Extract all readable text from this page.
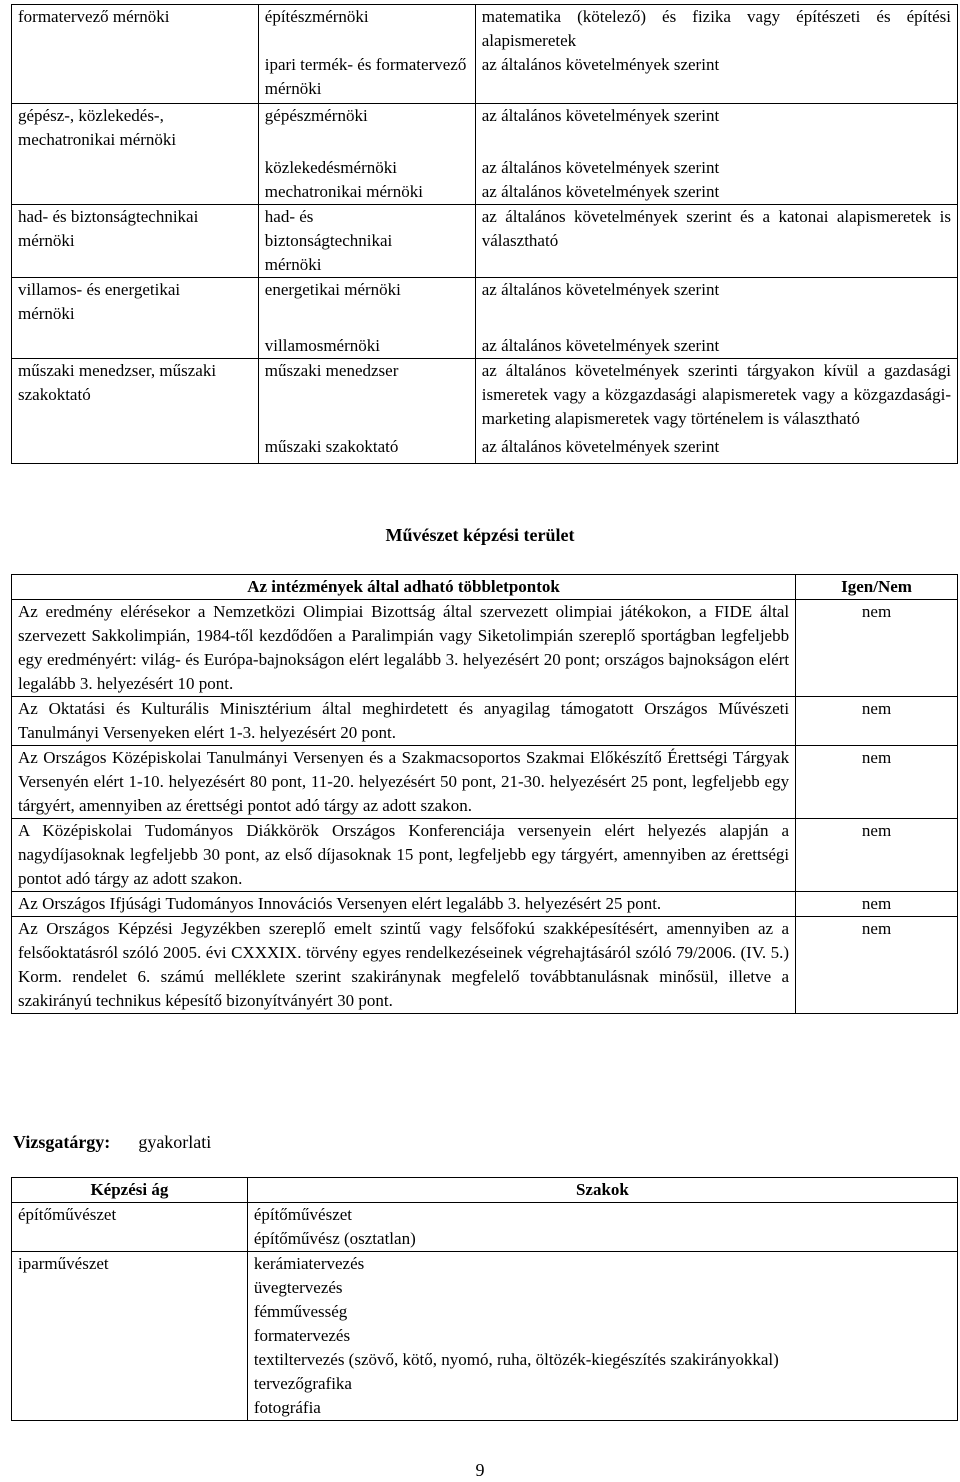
formatervező mérnöki	építészmérnöki	matematika (kötelező) és fizika vagy építészeti és építési alapismeretek
	ipari termék- és formatervező mérnöki	az általános követelmények szerint
gépész-, közlekedés-, mechatronikai mérnöki	gépészmérnöki	az általános követelmények szerint
	közlekedésmérnöki	az általános követelmények szerint
	mechatronikai mérnöki	az általános követelmények szerint
had- és biztonságtechnikai mérnöki	had- és biztonságtechnikai mérnöki	az általános követelmények szerint és a katonai alapismeretek is választható
villamos- és energetikai mérnöki	energetikai mérnöki	az általános követelmények szerint
	villamosmérnöki	az általános követelmények szerint
műszaki menedzser, műszaki szakoktató	műszaki menedzser	az általános követelmények szerinti tárgyakon kívül a gazdasági ismeretek vagy a közgazdasági alapismeretek vagy a közgazdasági-marketing alapismeretek vagy történelem is választható
	műszaki szakoktató	az általános követelmények szerint
Művészet képzési terület
Az intézmények által adható többletpontok	Igen/Nem
Az eredmény elérésekor a Nemzetközi Olimpiai Bizottság által szervezett olimpiai játékokon, a FIDE által szervezett Sakkolimpián, 1984-től kezdődően a Paralimpián vagy Siketolimpián szereplő sportágban legfeljebb egy eredményért: világ- és Európa-bajnokságon elért legalább 3. helyezésért 20 pont; országos bajnokságon elért legalább 3. helyezésért 10 pont.	nem
Az Oktatási és Kulturális Minisztérium által meghirdetett és anyagilag támogatott Országos Művészeti Tanulmányi Versenyeken elért 1-3. helyezésért 20 pont.	nem
Az Országos Középiskolai Tanulmányi Versenyen és a Szakmacsoportos Szakmai Előkészítő Érettségi Tárgyak Versenyén elért 1-10. helyezésért 80 pont, 11-20. helyezésért 50 pont, 21-30. helyezésért 25 pont, legfeljebb egy tárgyért, amennyiben az érettségi pontot adó tárgy az adott szakon.	nem
A Középiskolai Tudományos Diákkörök Országos Konferenciája versenyein elért helyezés alapján a nagydíjasoknak legfeljebb 30 pont, az első díjasoknak 15 pont, legfeljebb egy tárgyért, amennyiben az érettségi pontot adó tárgy az adott szakon.	nem
Az Országos Ifjúsági Tudományos Innovációs Versenyen elért legalább 3. helyezésért 25 pont.	nem
Az Országos Képzési Jegyzékben szereplő emelt szintű vagy felsőfokú szakképesítésért, amennyiben az a felsőoktatásról szóló 2005. évi CXXXIX. törvény egyes rendelkezéseinek végrehajtásáról szóló 79/2006. (IV. 5.) Korm. rendelet 6. számú melléklete szerint szakiránynak megfelelő továbbtanulásnak minősül, illetve a szakirányú technikus képesítő bizonyítványért 30 pont.	nem
Vizsgatárgy: gyakorlati
Képzési ág	Szakok
építőművészet	építőművészet
	építőművész (osztatlan)
iparművészet	kerámiatervezés
	üvegtervezés
	fémművesség
	formatervezés
	textiltervezés (szövő, kötő, nyomó, ruha, öltözék-kiegészítés szakirányokkal)
	tervezőgrafika
	fotográfia
9
